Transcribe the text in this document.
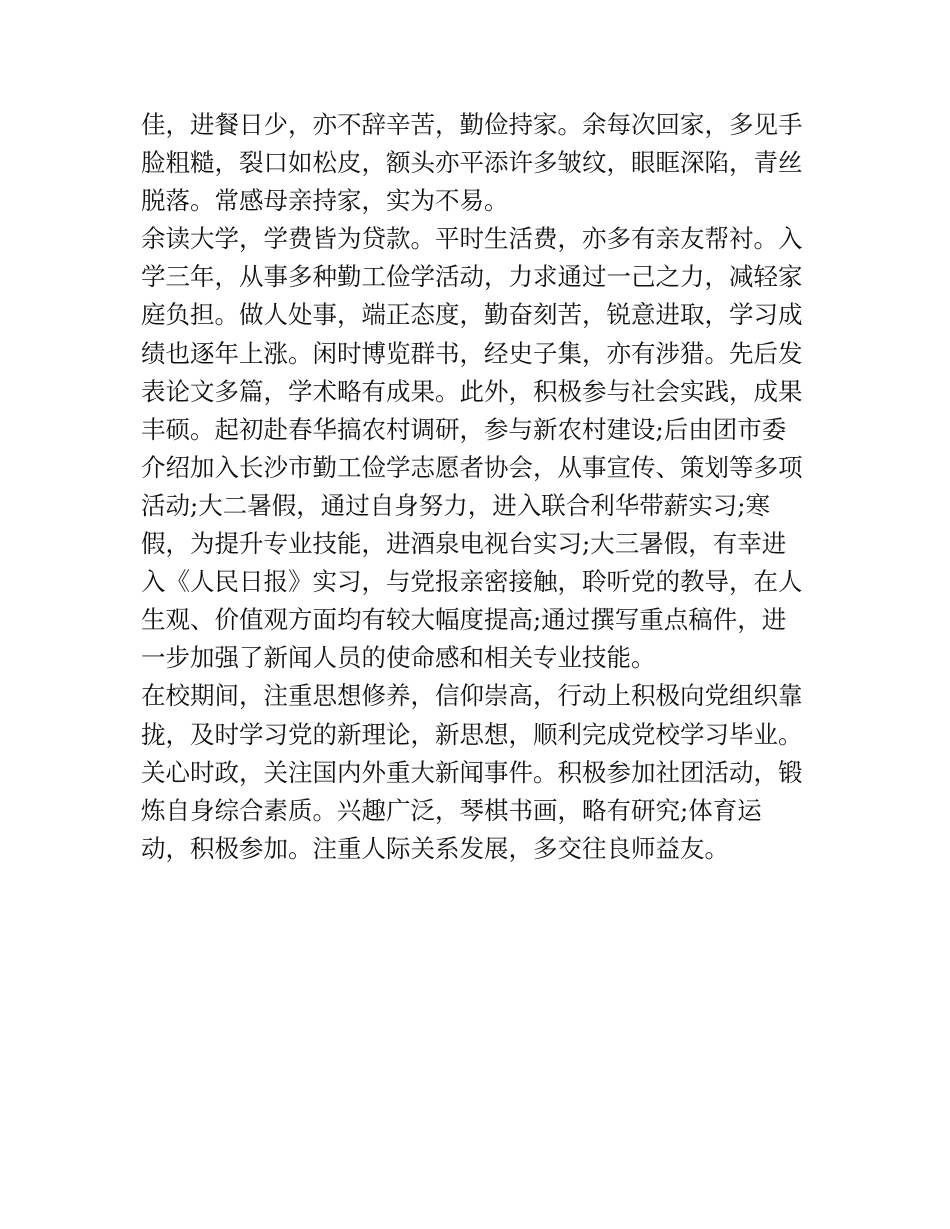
佳，进餐日少，亦不辞辛苦，勤俭持家。余每次回家，多见手
脸粗糙，裂口如松皮，额头亦平添许多皱纹，眼眶深陷，青丝
脱落。常感母亲持家，实为不易。
余读大学，学费皆为贷款。平时生活费，亦多有亲友帮衬。入
学三年，从事多种勤工俭学活动，力求通过一己之力，减轻家
庭负担。做人处事，端正态度，勤奋刻苦，锐意进取，学习成
绩也逐年上涨。闲时博览群书，经史子集，亦有涉猎。先后发
表论文多篇，学术略有成果。此外，积极参与社会实践，成果
丰硕。起初赴春华搞农村调研，参与新农村建设;后由团市委
介绍加入长沙市勤工俭学志愿者协会，从事宣传、策划等多项
活动;大二暑假，通过自身努力，进入联合利华带薪实习;寒
假，为提升专业技能，进酒泉电视台实习;大三暑假，有幸进
入《人民日报》实习，与党报亲密接触，聆听党的教导，在人
生观、价值观方面均有较大幅度提高;通过撰写重点稿件，进
一步加强了新闻人员的使命感和相关专业技能。
在校期间，注重思想修养，信仰崇高，行动上积极向党组织靠
拢，及时学习党的新理论，新思想，顺利完成党校学习毕业。
关心时政，关注国内外重大新闻事件。积极参加社团活动，锻
炼自身综合素质。兴趣广泛，琴棋书画，略有研究;体育运
动，积极参加。注重人际关系发展，多交往良师益友。
